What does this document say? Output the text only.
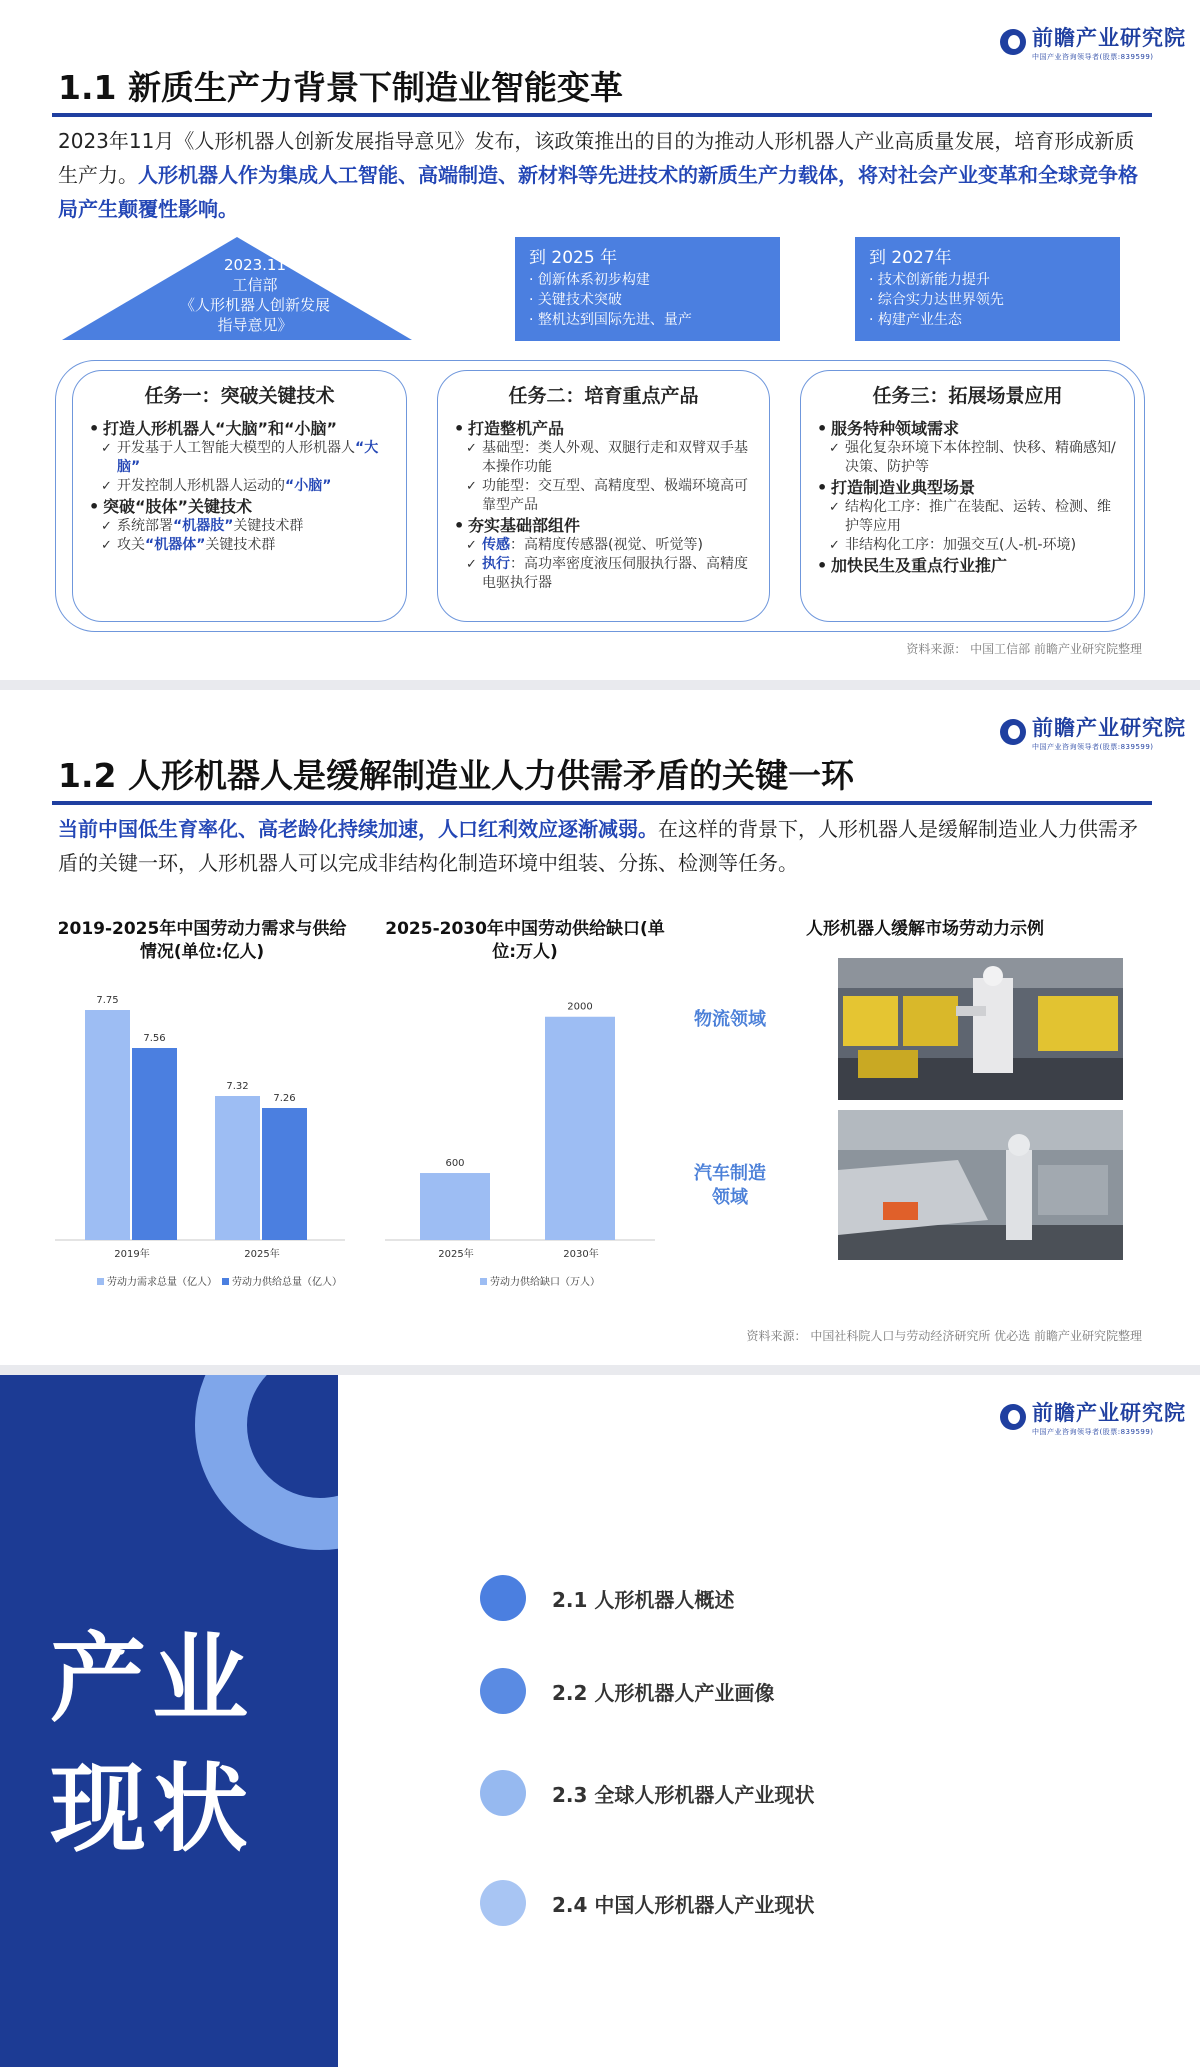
前瞻产业研究院
中国产业咨询领导者(股票:839599)
1.1 新质生产力背景下制造业智能变革

2023年11月《人形机器人创新发展指导意见》发布，该政策推出的目的为推动人形机器人产业高质量发展，培育形成新质生产力。人形机器人作为集成人工智能、高端制造、新材料等先进技术的新质生产力载体，将对社会产业变革和全球竞争格局产生颠覆性影响。

2023.11
工信部
《人形机器人创新发展指导意见》
到 2025 年
· 创新体系初步构建
· 关键技术突破
· 整机达到国际先进、量产
到 2027年
· 技术创新能力提升
· 综合实力达世界领先
· 构建产业生态
任务一：突破关键技术
• 打造人形机器人“大脑”和“小脑”
✓ 开发基于人工智能大模型的人形机器人“大脑”
✓ 开发控制人形机器人运动的“小脑”
• 突破“肢体”关键技术
✓ 系统部署“机器肢”关键技术群
✓ 攻关“机器体”关键技术群
任务二：培育重点产品
• 打造整机产品
✓ 基础型：类人外观、双腿行走和双臂双手基本操作功能
✓ 功能型：交互型、高精度型、极端环境高可靠型产品
• 夯实基础部组件
✓ 传感：高精度传感器(视觉、听觉等)
✓ 执行：高功率密度液压伺服执行器、高精度电驱执行器
任务三：拓展场景应用
• 服务特种领域需求
✓ 强化复杂环境下本体控制、快移、精确感知/决策、防护等
• 打造制造业典型场景
✓ 结构化工序：推广在装配、运转、检测、维护等应用
✓ 非结构化工序：加强交互(人-机-环境)
• 加快民生及重点行业推广
资料来源： 中国工信部 前瞻产业研究院整理
前瞻产业研究院
中国产业咨询领导者(股票:839599)
1.2 人形机器人是缓解制造业人力供需矛盾的关键一环

当前中国低生育率化、高老龄化持续加速，人口红利效应逐渐减弱。在这样的背景下，人形机器人是缓解制造业人力供需矛盾的关键一环，人形机器人可以完成非结构化制造环境中组装、分拣、检测等任务。

2019-2025年中国劳动力需求与供给情况(单位:亿人)
7.75
7.56
2019年
7.32
7.26
2025年
劳动力需求总量（亿人） 劳动力供给总量（亿人）
2025-2030年中国劳动供给缺口(单位:万人)
600
2025年
2000
2030年
劳动力供给缺口（万人）
人形机器人缓解市场劳动力示例
物流领域
汽车制造领域
资料来源： 中国社科院人口与劳动经济研究所 优必选 前瞻产业研究院整理
产业
现状
前瞻产业研究院
中国产业咨询领导者(股票:839599)
2.1 人形机器人概述
2.2 人形机器人产业画像
2.3 全球人形机器人产业现状
2.4 中国人形机器人产业现状
